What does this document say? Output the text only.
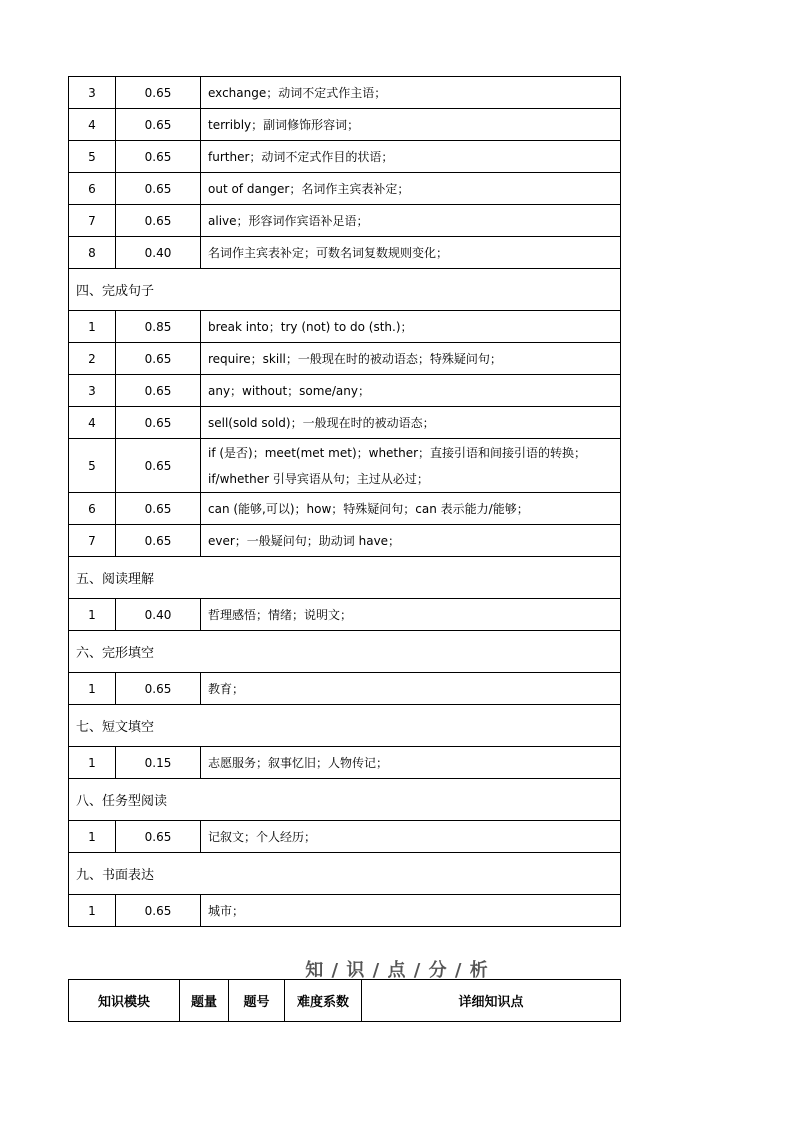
3	0.65	exchange；动词不定式作主语；

4	0.65	terribly；副词修饰形容词；

5	0.65	further；动词不定式作目的状语；

6	0.65	out of danger；名词作主宾表补定；

7	0.65	alive；形容词作宾语补足语；

8	0.40	名词作主宾表补定；可数名词复数规则变化；

四、完成句子		
1	0.85	break into；try (not) to do (sth.)；

2	0.65	require；skill；一般现在时的被动语态；特殊疑问句；

3	0.65	any；without；some/any；

4	0.65	sell(sold sold)；一般现在时的被动语态；

5	0.65	if (是否)；meet(met met)；whether；直接引语和间接引语的转换；
if/whether 引导宾语从句；主过从必过；

6	0.65	can (能够,可以)；how；特殊疑问句；can 表示能力/能够；

7	0.65	ever；一般疑问句；助动词 have；

五、阅读理解		
1	0.40	哲理感悟；情绪；说明文；

六、完形填空		
1	0.65	教育；

七、短文填空		
1	0.15	志愿服务；叙事忆旧；人物传记；

八、任务型阅读		
1	0.65	记叙文；个人经历；

九、书面表达		
1	0.65	城市；
知 / 识 / 点 / 分 / 析
知识模块	题量	题号	难度系数	详细知识点
